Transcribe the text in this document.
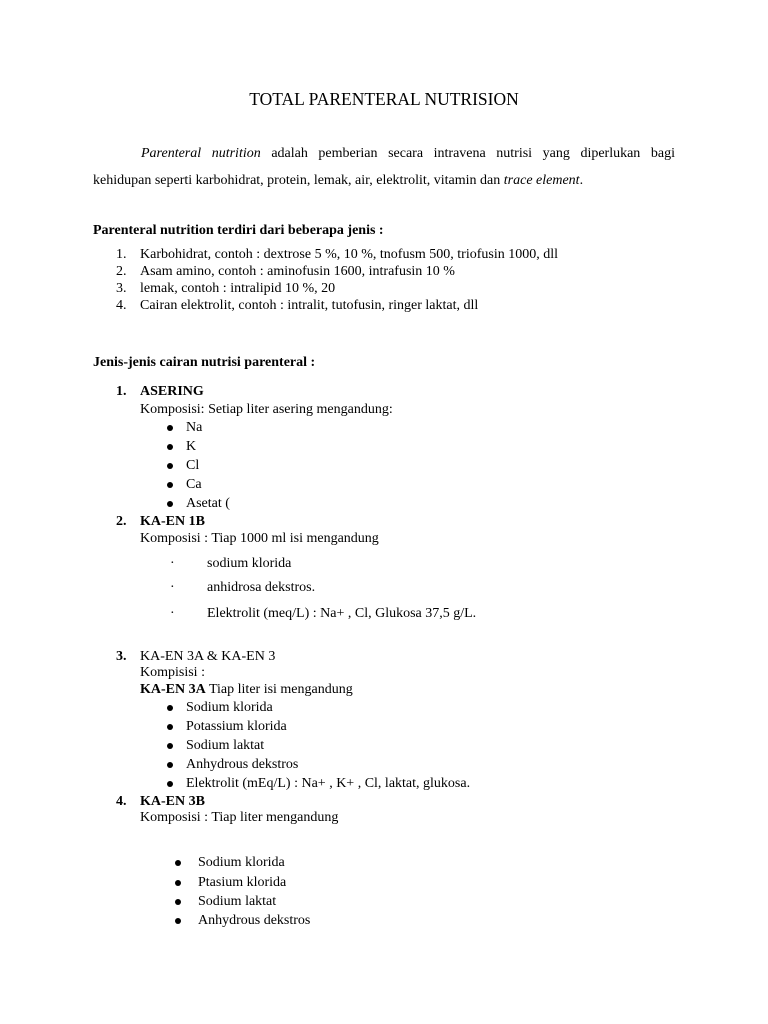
TOTAL PARENTERAL NUTRISION
Parenteral nutrition adalah pemberian secara intravena nutrisi yang diperlukan bagi
kehidupan seperti karbohidrat, protein, lemak, air, elektrolit, vitamin dan trace element.
Parenteral nutrition terdiri dari beberapa jenis :
1. Karbohidrat, contoh : dextrose 5 %, 10 %, tnofusm 500, triofusin 1000, dll
2. Asam amino, contoh : aminofusin 1600, intrafusin 10 %
3. lemak, contoh : intralipid 10 %, 20
4. Cairan elektrolit, contoh : intralit, tutofusin, ringer laktat, dll
Jenis-jenis cairan nutrisi parenteral :
1. ASERING
Komposisi: Setiap liter asering mengandung:
Na
K
Cl
Ca
Asetat (
2. KA-EN 1B
Komposisi : Tiap 1000 ml isi mengandung
· sodium klorida
· anhidrosa dekstros.
· Elektrolit (meq/L) : Na+ , Cl, Glukosa 37,5 g/L.
3. KA-EN 3A & KA-EN 3
Kompisisi :
KA-EN 3A Tiap liter isi mengandung
Sodium klorida
Potassium klorida
Sodium laktat
Anhydrous dekstros
Elektrolit (mEq/L) : Na+ , K+ , Cl, laktat, glukosa.
4. KA-EN 3B
Komposisi : Tiap liter mengandung
Sodium klorida
Ptasium klorida
Sodium laktat
Anhydrous dekstros
